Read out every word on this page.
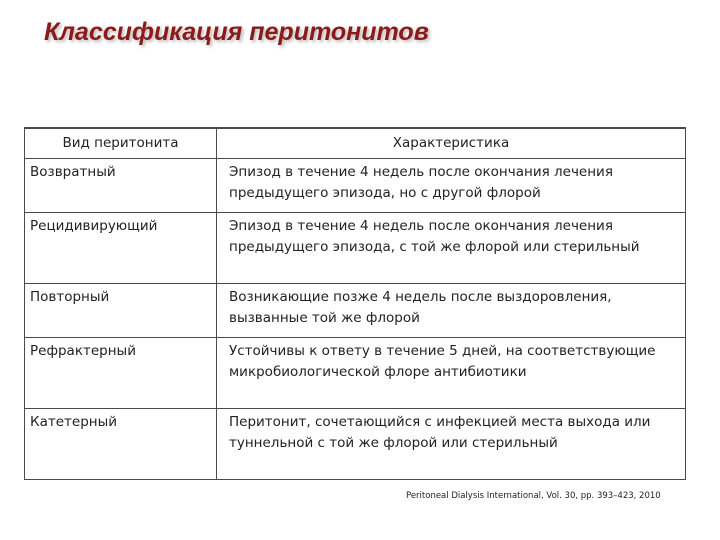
Классификация перитонитов
Вид перитонита	Характеристика
Возвратный	Эпизод в течение 4 недель после окончания лечения
предыдущего эпизода, но с другой флорой

Рецидивирующий	Эпизод в течение 4 недель после окончания лечения
предыдущего эпизода, с той же флорой или стерильный

Повторный	Возникающие позже 4 недель после выздоровления,
вызванные той же флорой

Рефрактерный	Устойчивы к ответу в течение 5 дней, на соответствующие
микробиологической флоре антибиотики

Катетерный	Перитонит, сочетающийся с инфекцией места выхода или
туннельной с той же флорой или стерильный
Peritoneal Dialysis International, Vol. 30, pp. 393–423, 2010
